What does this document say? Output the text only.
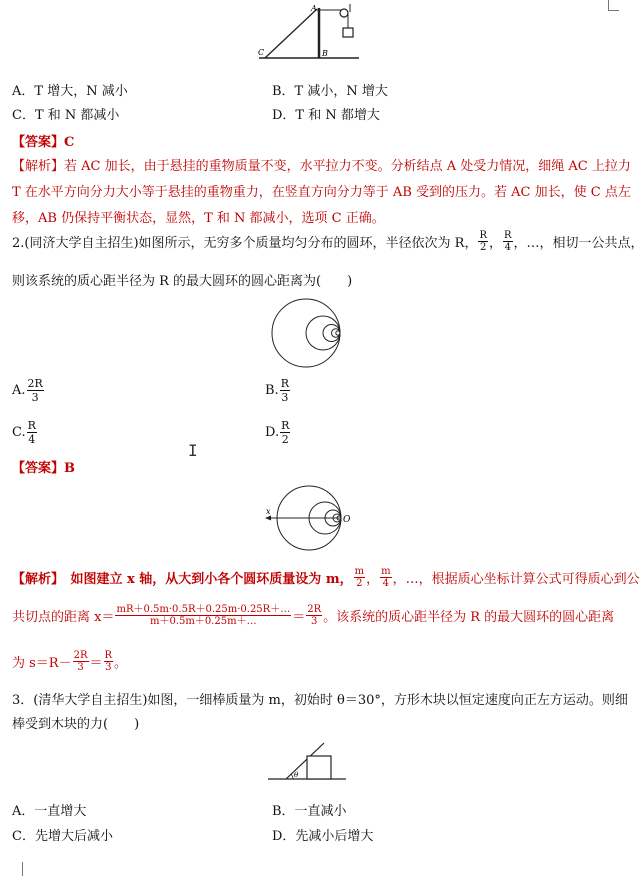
A
B
C
A．T 增大，N 减小	B．T 减小，N 增大
C．T 和 N 都减小	D．T 和 N 都增大
【答案】C
【解析】若 AC 加长，由于悬挂的重物质量不变，水平拉力不变。分析结点 A 处受力情况，细绳 AC 上拉力
T 在水平方向分力大小等于悬挂的重物重力，在竖直方向分力等于 AB 受到的压力。若 AC 加长，使 C 点左
移，AB 仍保持平衡状态，显然，T 和 N 都减小，选项 C 正确。
2.(同济大学自主招生)如图所示，无穷多个质量均匀分布的圆环，半径依次为 R， $\frac{R}{2}$ ， $\frac{R}{4}$ ，…，相切一公共点，
则该系统的质心距半径为 R 的最大圆环的圆心距离为(　　)
A. $\frac{2R}{3}$	B. $\frac{R}{3}$
C. $\frac{R}{4}$	D. $\frac{R}{2}$
I
【答案】B
x
O
【解析】　如图建立 x 轴，从大到小各个圆环质量设为 m， $\frac{m}{2}$ ， $\frac{m}{4}$ ，…，根据质心坐标计算公式可得质心到公
共切点的距离 $x= \frac{mR+0.5m\cdot 0.5R+0.25m\cdot 0.25R+\dots}{m+0.5m+0.25m+\dots} = \frac{2R}{3}$ 。该系统的质心距半径为 R 的最大圆环的圆心距离
为 $s=R- \frac{2R}{3} = \frac{R}{3}$ 。
3．(清华大学自主招生)如图，一细棒质量为 m，初始时 θ＝30°，方形木块以恒定速度向正左方运动。则细
棒受到木块的力(　　)
θ
A．一直增大	B．一直减小
C．先增大后减小	D．先减小后增大
